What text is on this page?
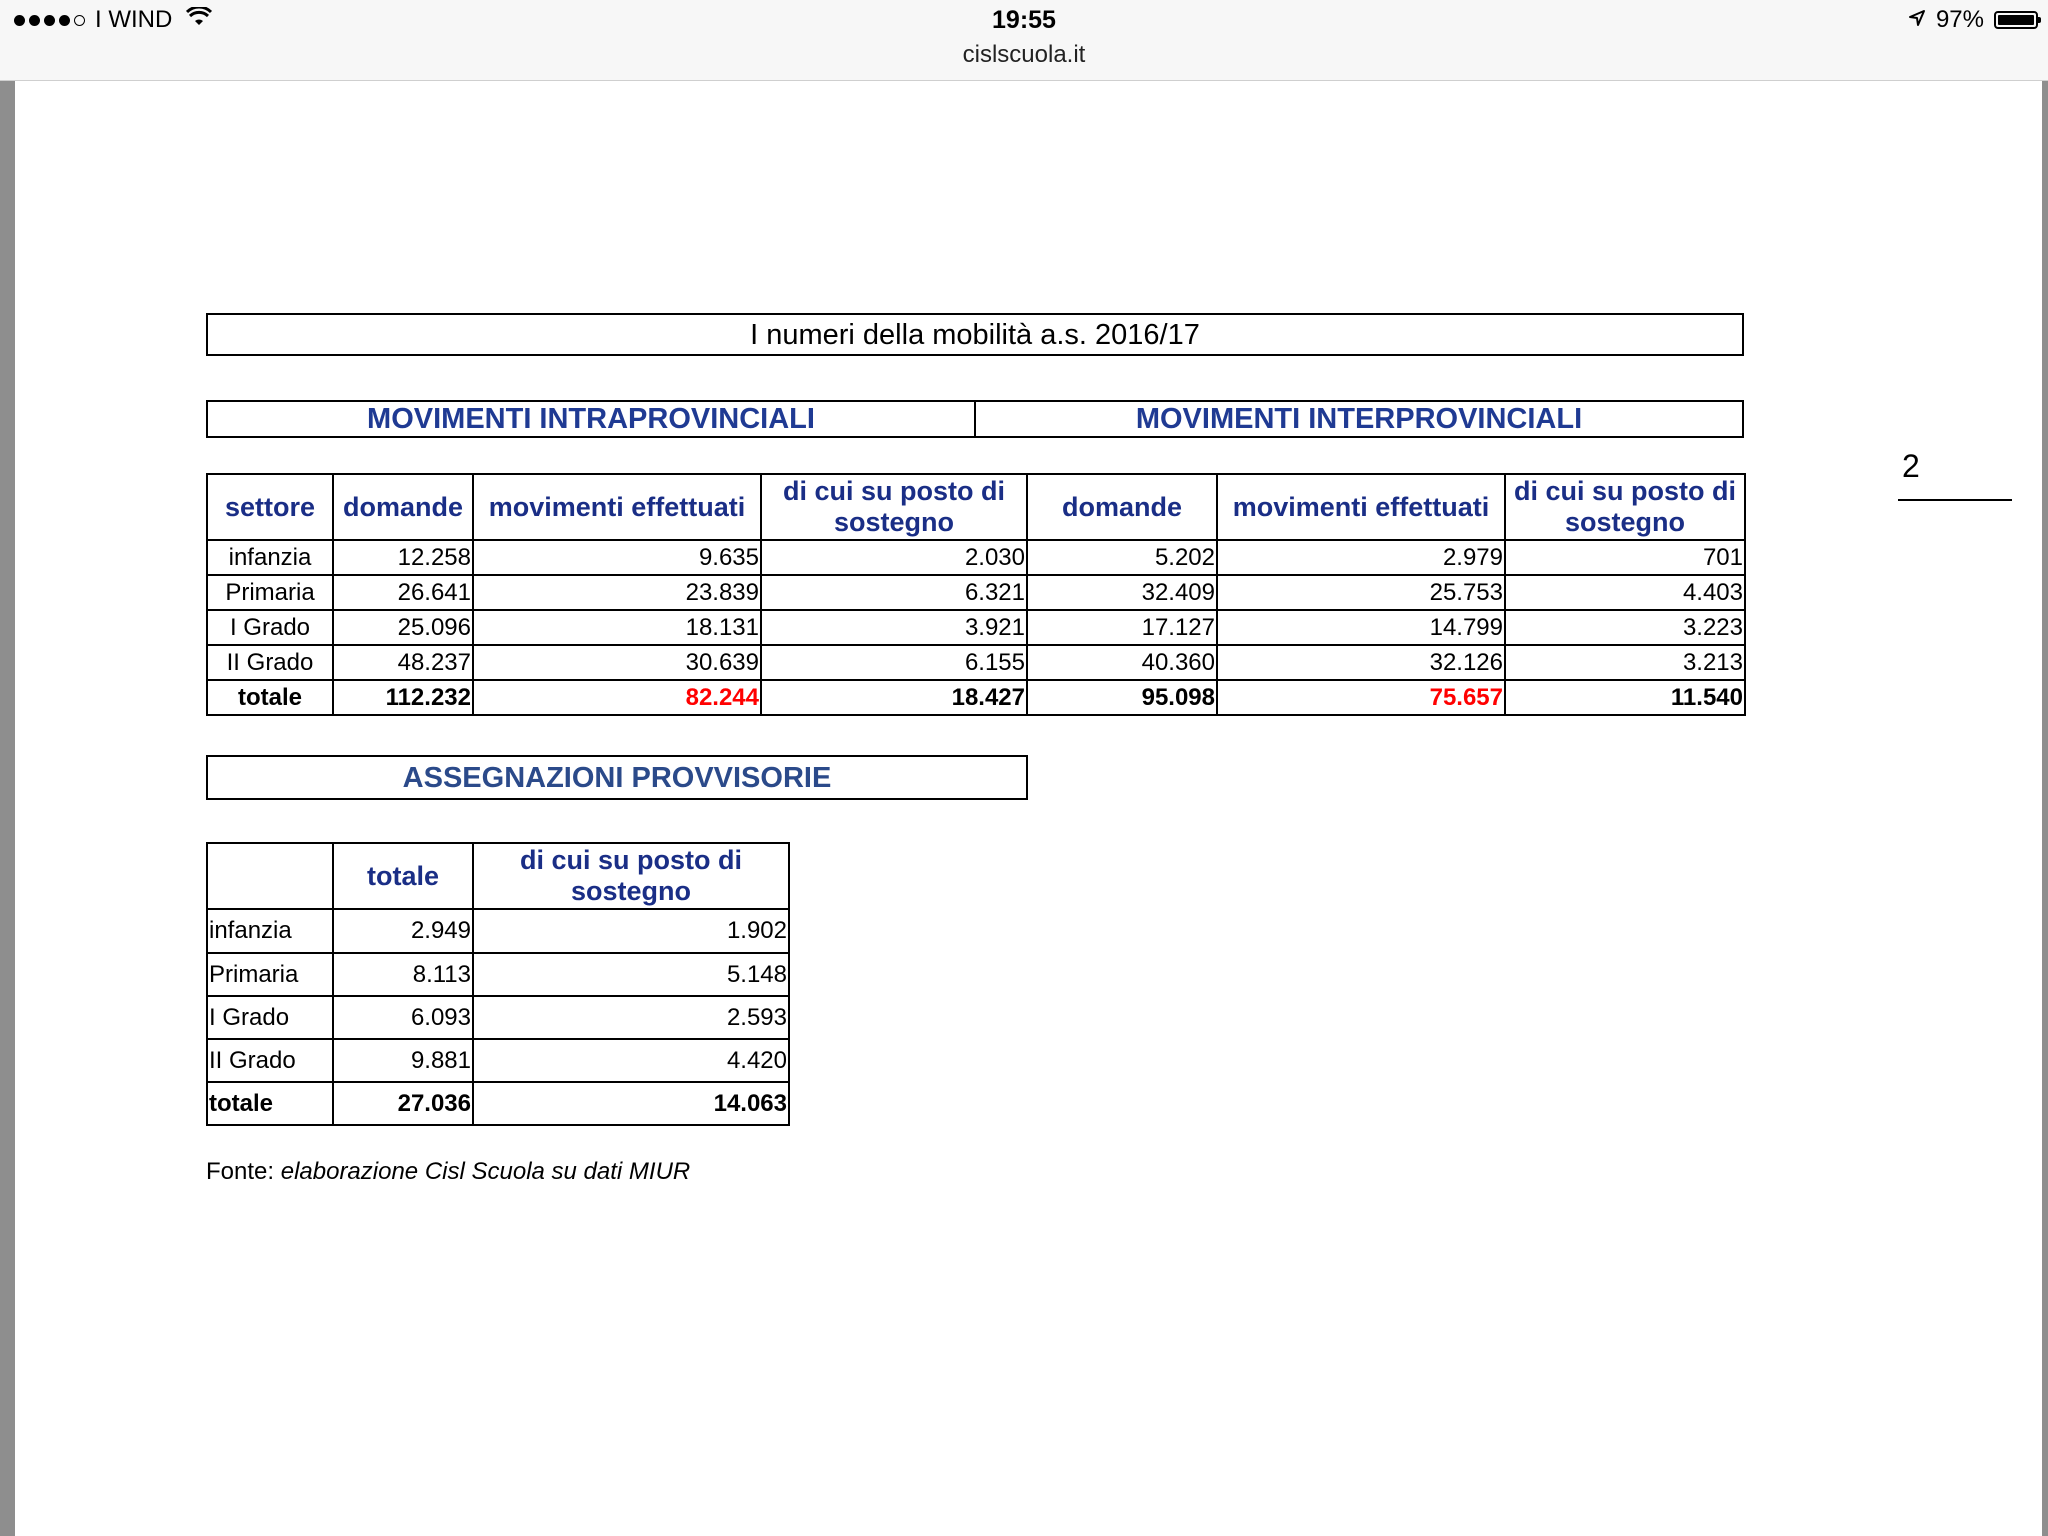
I WIND	19:55
cislscuola.it
97%
I numeri della mobilità a.s. 2016/17
MOVIMENTI INTRAPROVINCIALI	MOVIMENTI INTERPROVINCIALI
settore	domande	movimenti effettuati	di cui su posto di sostegno	domande	movimenti effettuati	di cui su posto di sostegno
infanzia	12.258	9.635	2.030	5.202	2.979	701
Primaria	26.641	23.839	6.321	32.409	25.753	4.403
I Grado	25.096	18.131	3.921	17.127	14.799	3.223
II Grado	48.237	30.639	6.155	40.360	32.126	3.213
totale	112.232	82.244	18.427	95.098	75.657	11.540
ASSEGNAZIONI PROVVISORIE
	totale	di cui su posto di sostegno
infanzia	2.949	1.902
Primaria	8.113	5.148
I Grado	6.093	2.593
II Grado	9.881	4.420
totale	27.036	14.063
Fonte: elaborazione Cisl Scuola su dati MIUR
2
